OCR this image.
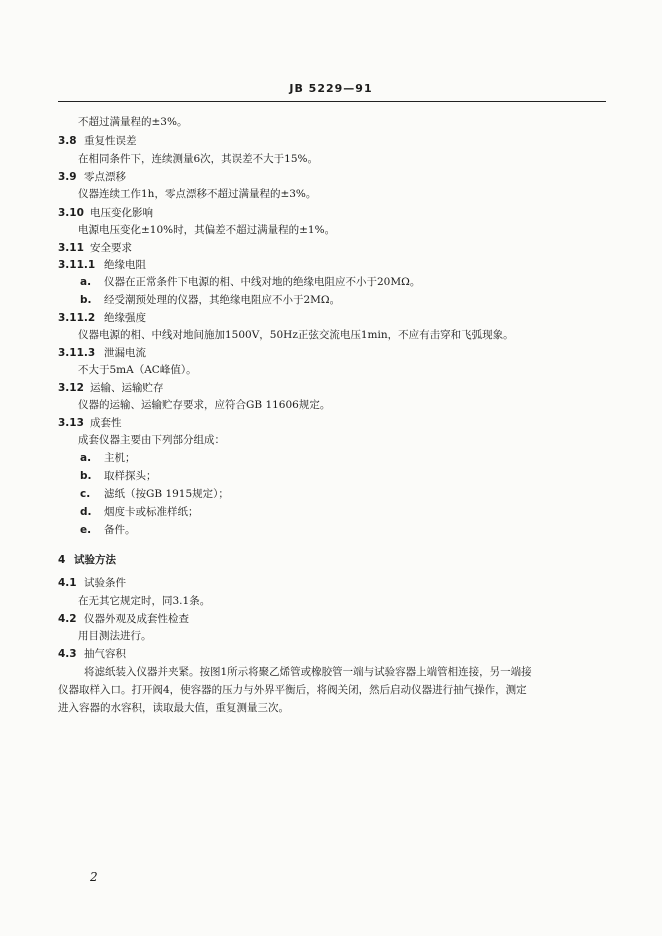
JB 5229—91
不超过满量程的±3%。
3.8 重复性误差
在相同条件下，连续测量6次，其误差不大于15%。
3.9 零点漂移
仪器连续工作1h，零点漂移不超过满量程的±3%。
3.10 电压变化影响
电源电压变化±10%时，其偏差不超过满量程的±1%。
3.11 安全要求
3.11.1 绝缘电阻
a. 仪器在正常条件下电源的相、中线对地的绝缘电阻应不小于20MΩ。
b. 经受潮预处理的仪器，其绝缘电阻应不小于2MΩ。
3.11.2 绝缘强度
仪器电源的相、中线对地间施加1500V，50Hz正弦交流电压1min，不应有击穿和飞弧现象。
3.11.3 泄漏电流
不大于5mA（AC峰值）。
3.12 运输、运输贮存
仪器的运输、运输贮存要求，应符合GB 11606规定。
3.13 成套性
成套仪器主要由下列部分组成：
a. 主机；
b. 取样探头；
c. 滤纸（按GB 1915规定）；
d. 烟度卡或标准样纸；
e. 备件。
4 试验方法
4.1 试验条件
在无其它规定时，同3.1条。
4.2 仪器外观及成套性检查
用目测法进行。
4.3 抽气容积
将滤纸装入仪器并夹紧。按图1所示将聚乙烯管或橡胶管一端与试验容器上端管相连接，另一端接
仪器取样入口。打开阀4，使容器的压力与外界平衡后，将阀关闭，然后启动仪器进行抽气操作，测定
进入容器的水容积，读取最大值，重复测量三次。
2
